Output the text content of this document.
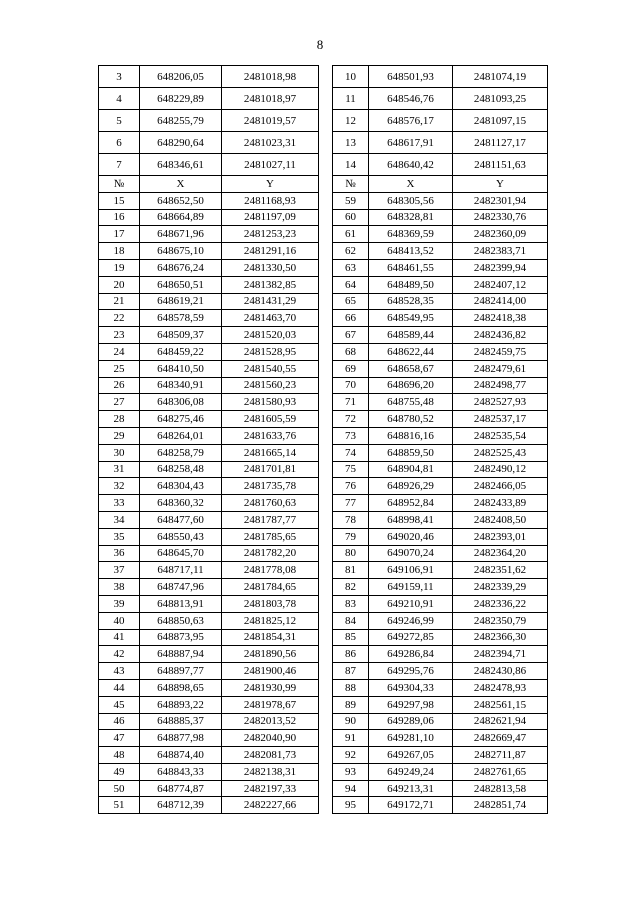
8
3	648206,05	2481018,98		10	648501,93	2481074,19
4	648229,89	2481018,97		11	648546,76	2481093,25
5	648255,79	2481019,57		12	648576,17	2481097,15
6	648290,64	2481023,31		13	648617,91	2481127,17
7	648346,61	2481027,11		14	648640,42	2481151,63
№	X	Y		№	X	Y
15	648652,50	2481168,93		59	648305,56	2482301,94
16	648664,89	2481197,09		60	648328,81	2482330,76
17	648671,96	2481253,23		61	648369,59	2482360,09
18	648675,10	2481291,16		62	648413,52	2482383,71
19	648676,24	2481330,50		63	648461,55	2482399,94
20	648650,51	2481382,85		64	648489,50	2482407,12
21	648619,21	2481431,29		65	648528,35	2482414,00
22	648578,59	2481463,70		66	648549,95	2482418,38
23	648509,37	2481520,03		67	648589,44	2482436,82
24	648459,22	2481528,95		68	648622,44	2482459,75
25	648410,50	2481540,55		69	648658,67	2482479,61
26	648340,91	2481560,23		70	648696,20	2482498,77
27	648306,08	2481580,93		71	648755,48	2482527,93
28	648275,46	2481605,59		72	648780,52	2482537,17
29	648264,01	2481633,76		73	648816,16	2482535,54
30	648258,79	2481665,14		74	648859,50	2482525,43
31	648258,48	2481701,81		75	648904,81	2482490,12
32	648304,43	2481735,78		76	648926,29	2482466,05
33	648360,32	2481760,63		77	648952,84	2482433,89
34	648477,60	2481787,77		78	648998,41	2482408,50
35	648550,43	2481785,65		79	649020,46	2482393,01
36	648645,70	2481782,20		80	649070,24	2482364,20
37	648717,11	2481778,08		81	649106,91	2482351,62
38	648747,96	2481784,65		82	649159,11	2482339,29
39	648813,91	2481803,78		83	649210,91	2482336,22
40	648850,63	2481825,12		84	649246,99	2482350,79
41	648873,95	2481854,31		85	649272,85	2482366,30
42	648887,94	2481890,56		86	649286,84	2482394,71
43	648897,77	2481900,46		87	649295,76	2482430,86
44	648898,65	2481930,99		88	649304,33	2482478,93
45	648893,22	2481978,67		89	649297,98	2482561,15
46	648885,37	2482013,52		90	649289,06	2482621,94
47	648877,98	2482040,90		91	649281,10	2482669,47
48	648874,40	2482081,73		92	649267,05	2482711,87
49	648843,33	2482138,31		93	649249,24	2482761,65
50	648774,87	2482197,33		94	649213,31	2482813,58
51	648712,39	2482227,66		95	649172,71	2482851,74
